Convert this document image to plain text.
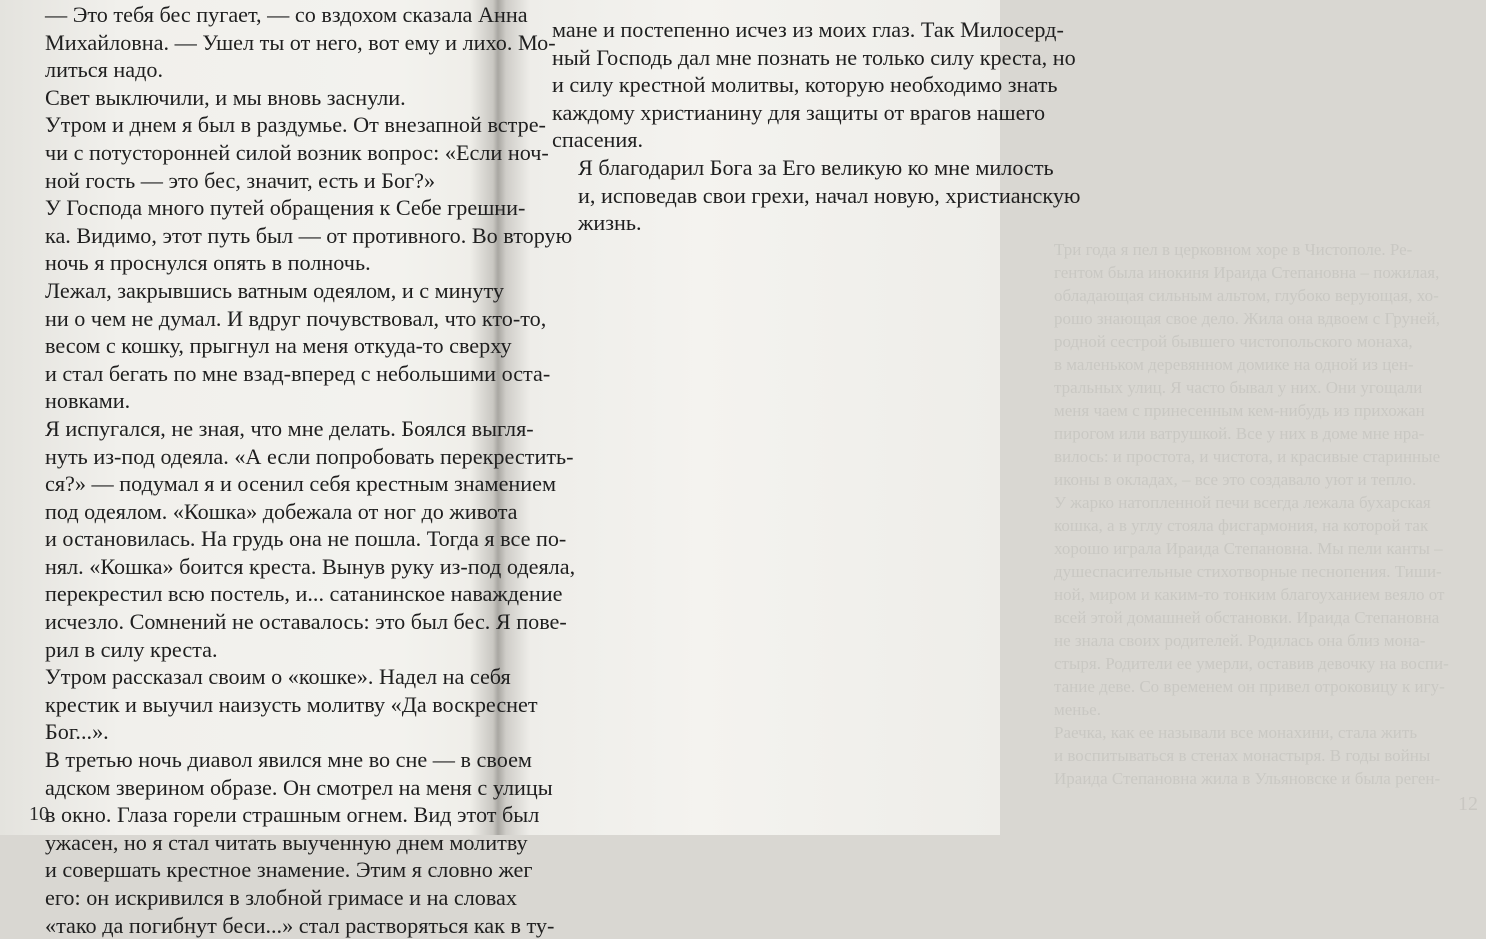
— Это тебя бес пугает, — со вздохом сказала Анна
Михайловна. — Ушел ты от него, вот ему и лихо. Мо-
литься надо.

Свет выключили, и мы вновь заснули.

Утром и днем я был в раздумье. От внезапной встре-
чи с потусторонней силой возник вопрос: «Если ноч-
ной гость — это бес, значит, есть и Бог?»

У Господа много путей обращения к Себе грешни-
ка. Видимо, этот путь был — от противного. Во вторую
ночь я проснулся опять в полночь.

Лежал, закрывшись ватным одеялом, и с минуту
ни о чем не думал. И вдруг почувствовал, что кто-то,
весом с кошку, прыгнул на меня откуда-то сверху
и стал бегать по мне взад-вперед с небольшими оста-
новками.

Я испугался, не зная, что мне делать. Боялся выгля-
нуть из-под одеяла. «А если попробовать перекрестить-
ся?» — подумал я и осенил себя крестным знамением
под одеялом. «Кошка» добежала от ног до живота
и остановилась. На грудь она не пошла. Тогда я все по-
нял. «Кошка» боится креста. Вынув руку из-под одеяла,
перекрестил всю постель, и... сатанинское наваждение
исчезло. Сомнений не оставалось: это был бес. Я пове-
рил в силу креста.

Утром рассказал своим о «кошке». Надел на себя
крестик и выучил наизусть молитву «Да воскреснет
Бог...».

В третью ночь диавол явился мне во сне — в своем
адском зверином образе. Он смотрел на меня с улицы
в окно. Глаза горели страшным огнем. Вид этот был
ужасен, но я стал читать выученную днем молитву
и совершать крестное знамение. Этим я словно жег
его: он искривился в злобной гримасе и на словах
«тако да погибнут беси...» стал растворяться как в ту-

10
Три года я пел в церковном хоре в Чистополе. Ре-
гентом была инокиня Ираида Степановна – пожилая,
обладающая сильным альтом, глубоко верующая, хо-
рошо знающая свое дело. Жила она вдвоем с Груней,
родной сестрой бывшего чистопольского монаха,
в маленьком деревянном домике на одной из цен-
тральных улиц. Я часто бывал у них. Они угощали
меня чаем с принесенным кем-нибудь из прихожан
пирогом или ватрушкой. Все у них в доме мне нра-
вилось: и простота, и чистота, и красивые старинные
иконы в окладах, – все это создавало уют и тепло.
У жарко натопленной печи всегда лежала бухарская
кошка, а в углу стояла фисгармония, на которой так
хорошо играла Ираида Степановна. Мы пели канты –
душеспасительные стихотворные песнопения. Тиши-
ной, миром и каким-то тонким благоуханием веяло от
всей этой домашней обстановки. Ираида Степановна
не знала своих родителей. Родилась она близ мона-
стыря. Родители ее умерли, оставив девочку на воспи-
тание деве. Со временем он привел отроковицу к игу-
менье.
Раечка, как ее называли все монахини, стала жить
и воспитываться в стенах монастыря. В годы войны
Ираида Степановна жила в Ульяновске и была реген-
12

мане и постепенно исчез из моих глаз. Так Милосерд-
ный Господь дал мне познать не только силу креста, но
и силу крестной молитвы, которую необходимо знать
каждому христианину для защиты от врагов нашего
спасения.

Я благодарил Бога за Его великую ко мне милость
и, исповедав свои грехи, начал новую, христианскую
жизнь.
